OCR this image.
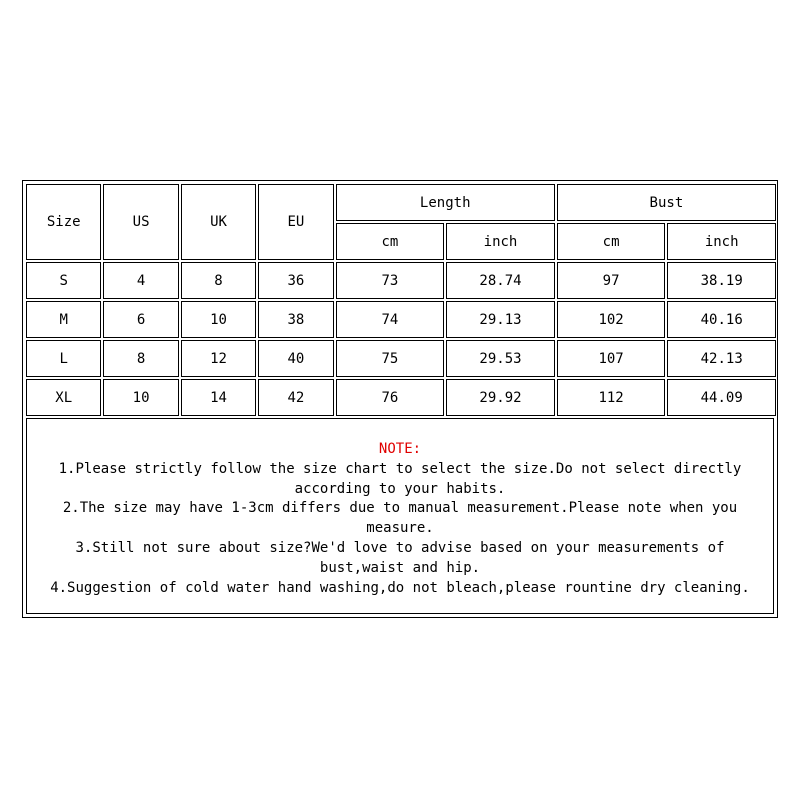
Size	US	UK	EU	Length		Bust	
				cm	inch	cm	inch
S	4	8	36	73	28.74	97	38.19
M	6	10	38	74	29.13	102	40.16
L	8	12	40	75	29.53	107	42.13
XL	10	14	42	76	29.92	112	44.09
NOTE:
1.Please strictly follow the size chart to select the size.Do not select directly according to your habits.
2.The size may have 1-3cm differs due to manual measurement.Please note when you measure.
3.Still not sure about size?We'd love to advise based on your measurements of bust,waist and hip.
4.Suggestion of cold water hand washing,do not bleach,please rountine dry cleaning.
